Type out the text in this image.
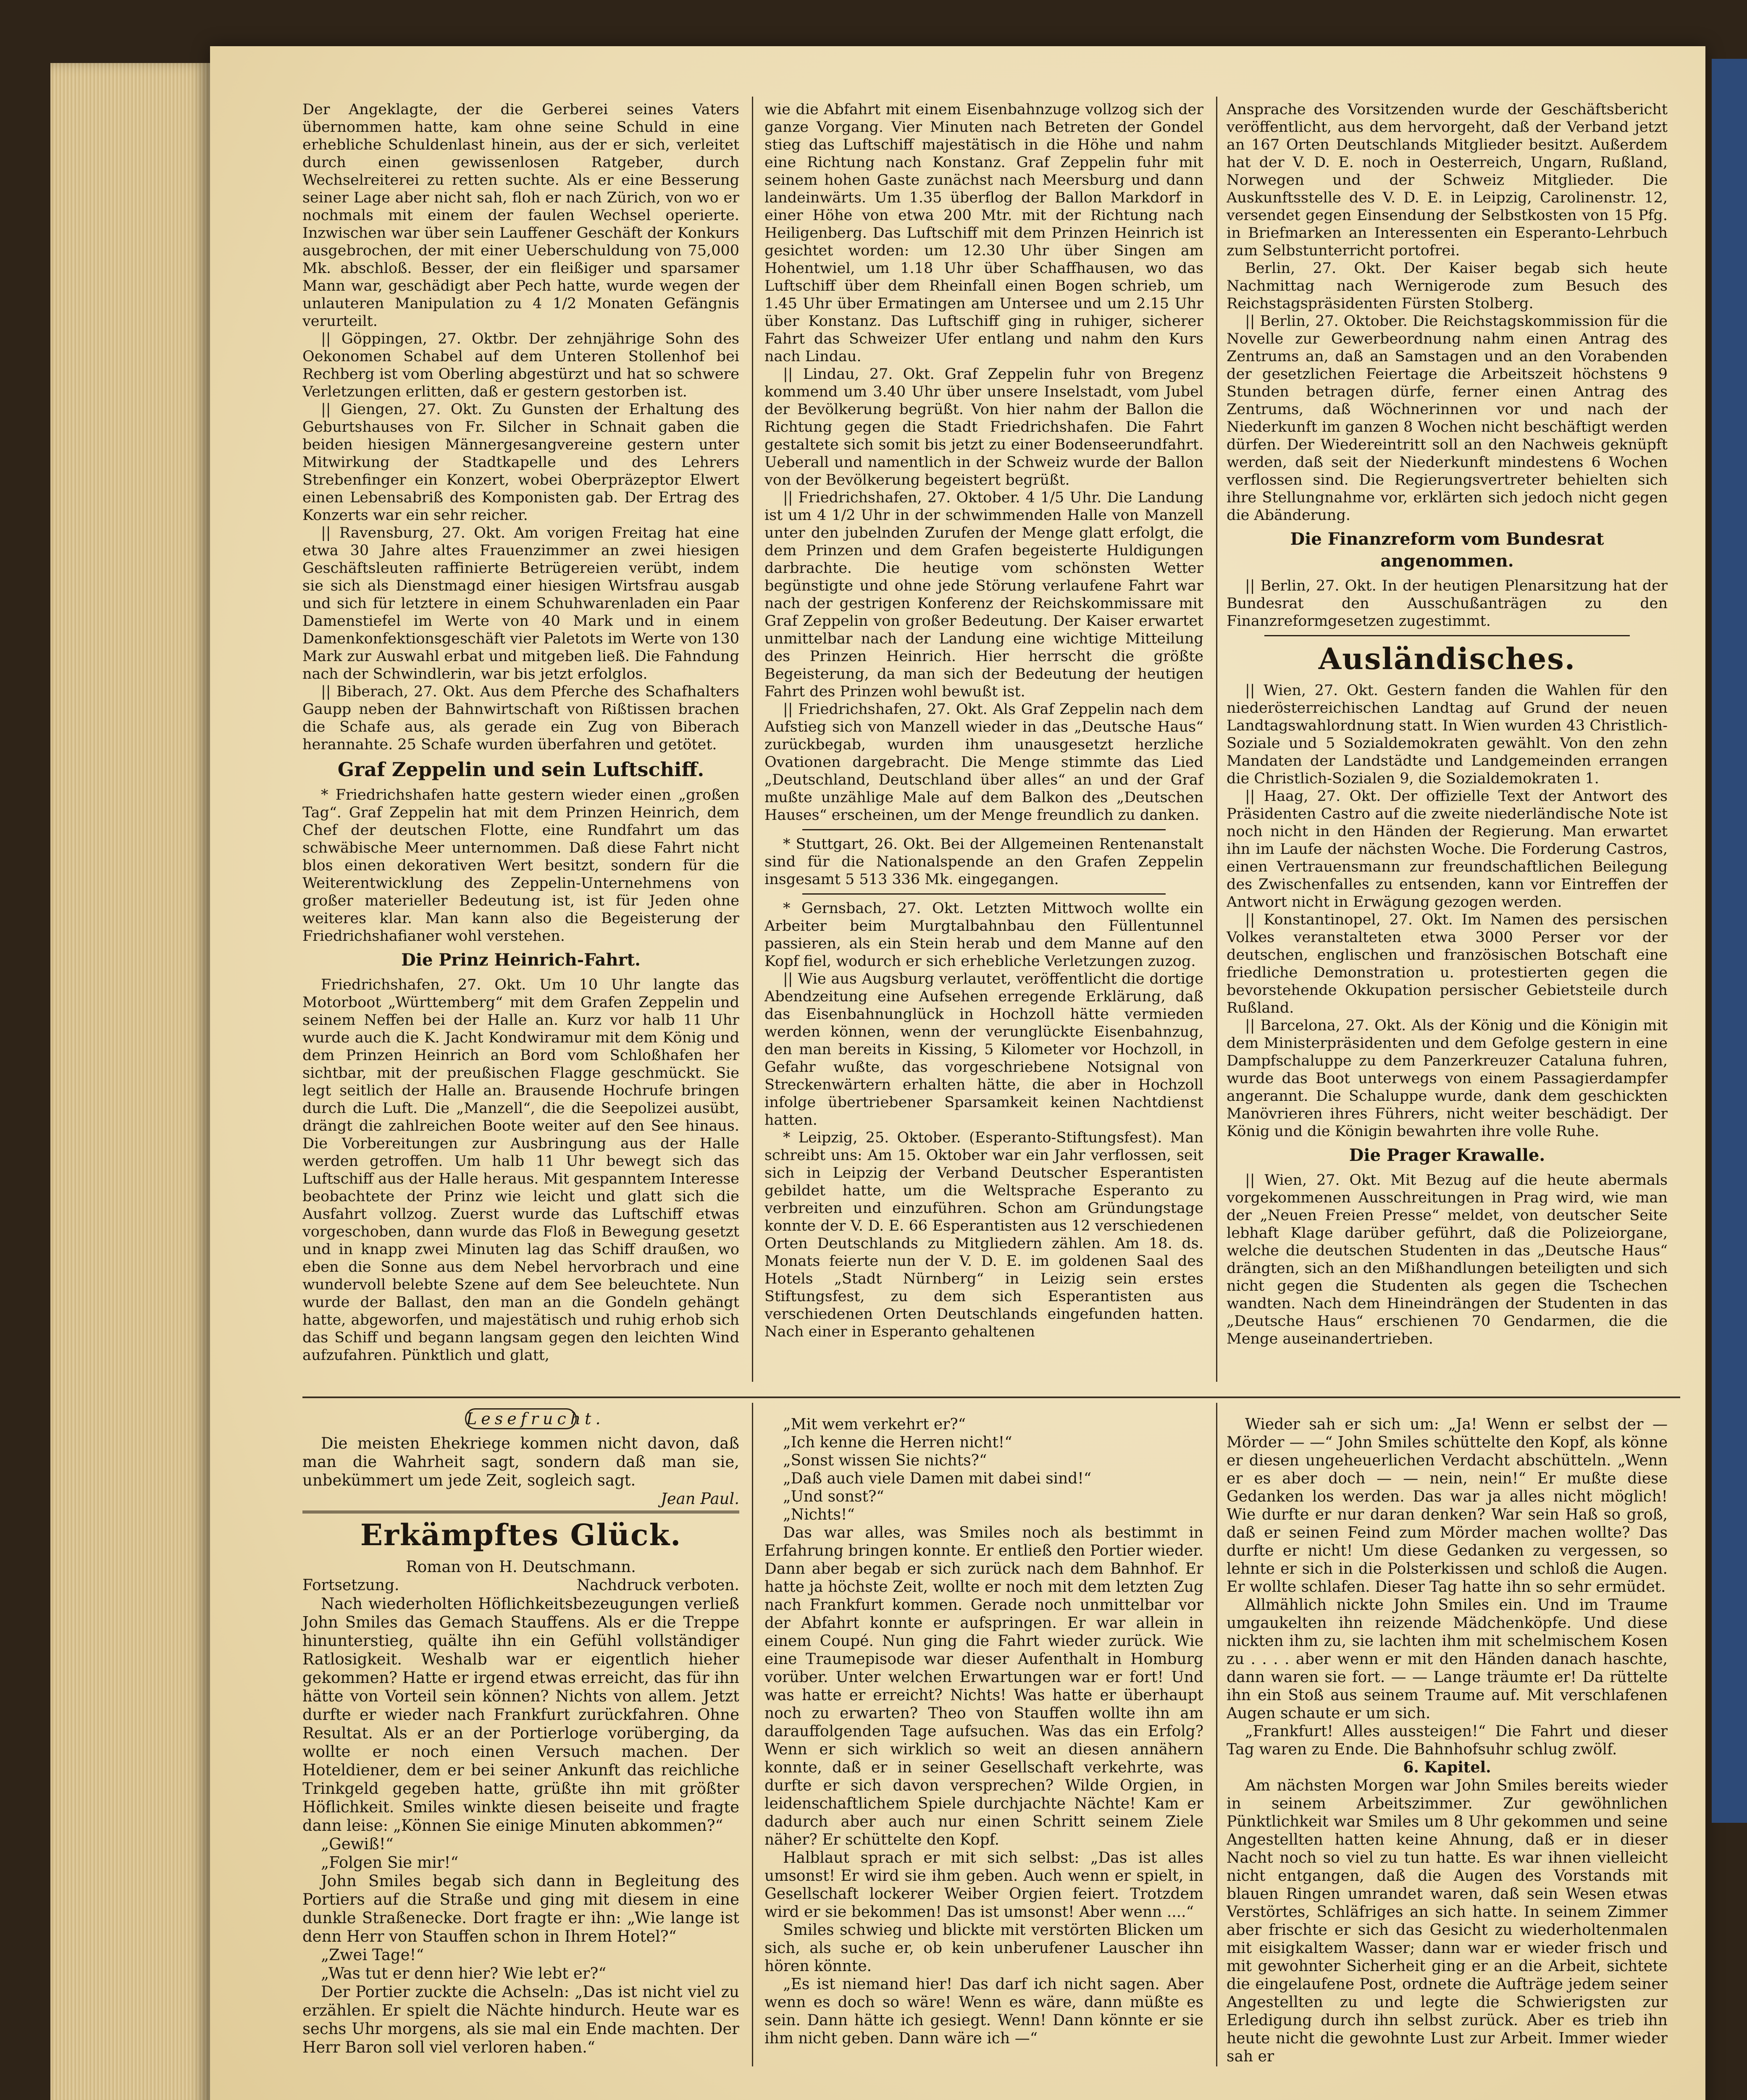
Der Angeklagte, der die Gerberei seines Vaters übernommen hatte, kam ohne seine Schuld in eine erhebliche Schuldenlast hinein, aus der er sich, verleitet durch einen gewissenlosen Ratgeber, durch Wechselreiterei zu retten suchte. Als er eine Besserung seiner Lage aber nicht sah, floh er nach Zürich, von wo er nochmals mit einem der faulen Wechsel operierte. Inzwischen war über sein Lauffener Geschäft der Konkurs ausgebrochen, der mit einer Ueberschuldung von 75,000 Mk. abschloß. Besser, der ein fleißiger und sparsamer Mann war, geschädigt aber Pech hatte, wurde wegen der unlauteren Manipulation zu 4 1/2 Monaten Gefängnis verurteilt.

|| Göppingen, 27. Oktbr. Der zehnjährige Sohn des Oekonomen Schabel auf dem Unteren Stollenhof bei Rechberg ist vom Oberling abgestürzt und hat so schwere Verletzungen erlitten, daß er gestern gestorben ist.

|| Giengen, 27. Okt. Zu Gunsten der Erhaltung des Geburtshauses von Fr. Silcher in Schnait gaben die beiden hiesigen Männergesangvereine gestern unter Mitwirkung der Stadtkapelle und des Lehrers Strebenfinger ein Konzert, wobei Oberpräzeptor Elwert einen Lebensabriß des Komponisten gab. Der Ertrag des Konzerts war ein sehr reicher.

|| Ravensburg, 27. Okt. Am vorigen Freitag hat eine etwa 30 Jahre altes Frauenzimmer an zwei hiesigen Geschäftsleuten raffinierte Betrügereien verübt, indem sie sich als Dienstmagd einer hiesigen Wirtsfrau ausgab und sich für letztere in einem Schuhwarenladen ein Paar Damenstiefel im Werte von 40 Mark und in einem Damenkonfektionsgeschäft vier Paletots im Werte von 130 Mark zur Auswahl erbat und mitgeben ließ. Die Fahndung nach der Schwindlerin, war bis jetzt erfolglos.

|| Biberach, 27. Okt. Aus dem Pferche des Schafhalters Gaupp neben der Bahnwirtschaft von Rißtissen brachen die Schafe aus, als gerade ein Zug von Biberach herannahte. 25 Schafe wurden überfahren und getötet.

Graf Zeppelin und sein Luftschiff.

* Friedrichshafen hatte gestern wieder einen „großen Tag“. Graf Zeppelin hat mit dem Prinzen Heinrich, dem Chef der deutschen Flotte, eine Rundfahrt um das schwäbische Meer unternommen. Daß diese Fahrt nicht blos einen dekorativen Wert besitzt, sondern für die Weiterentwicklung des Zeppelin-Unternehmens von großer materieller Bedeutung ist, ist für Jeden ohne weiteres klar. Man kann also die Begeisterung der Friedrichshafianer wohl verstehen.

Die Prinz Heinrich-Fahrt.

Friedrichshafen, 27. Okt. Um 10 Uhr langte das Motorboot „Württemberg“ mit dem Grafen Zeppelin und seinem Neffen bei der Halle an. Kurz vor halb 11 Uhr wurde auch die K. Jacht Kondwiramur mit dem König und dem Prinzen Heinrich an Bord vom Schloßhafen her sichtbar, mit der preußischen Flagge geschmückt. Sie legt seitlich der Halle an. Brausende Hochrufe bringen durch die Luft. Die „Manzell“, die die Seepolizei ausübt, drängt die zahlreichen Boote weiter auf den See hinaus. Die Vorbereitungen zur Ausbringung aus der Halle werden getroffen. Um halb 11 Uhr bewegt sich das Luftschiff aus der Halle heraus. Mit gespanntem Interesse beobachtete der Prinz wie leicht und glatt sich die Ausfahrt vollzog. Zuerst wurde das Luftschiff etwas vorgeschoben, dann wurde das Floß in Bewegung gesetzt und in knapp zwei Minuten lag das Schiff draußen, wo eben die Sonne aus dem Nebel hervorbrach und eine wundervoll belebte Szene auf dem See beleuchtete. Nun wurde der Ballast, den man an die Gondeln gehängt hatte, abgeworfen, und majestätisch und ruhig erhob sich das Schiff und begann langsam gegen den leichten Wind aufzufahren. Pünktlich und glatt,

wie die Abfahrt mit einem Eisenbahnzuge vollzog sich der ganze Vorgang. Vier Minuten nach Betreten der Gondel stieg das Luftschiff majestätisch in die Höhe und nahm eine Richtung nach Konstanz. Graf Zeppelin fuhr mit seinem hohen Gaste zunächst nach Meersburg und dann landeinwärts. Um 1.35 überflog der Ballon Markdorf in einer Höhe von etwa 200 Mtr. mit der Richtung nach Heiligenberg. Das Luftschiff mit dem Prinzen Heinrich ist gesichtet worden: um 12.30 Uhr über Singen am Hohentwiel, um 1.18 Uhr über Schaffhausen, wo das Luftschiff über dem Rheinfall einen Bogen schrieb, um 1.45 Uhr über Ermatingen am Untersee und um 2.15 Uhr über Konstanz. Das Luftschiff ging in ruhiger, sicherer Fahrt das Schweizer Ufer entlang und nahm den Kurs nach Lindau.

|| Lindau, 27. Okt. Graf Zeppelin fuhr von Bregenz kommend um 3.40 Uhr über unsere Inselstadt, vom Jubel der Bevölkerung begrüßt. Von hier nahm der Ballon die Richtung gegen die Stadt Friedrichshafen. Die Fahrt gestaltete sich somit bis jetzt zu einer Bodenseerundfahrt. Ueberall und namentlich in der Schweiz wurde der Ballon von der Bevölkerung begeistert begrüßt.

|| Friedrichshafen, 27. Oktober. 4 1/5 Uhr. Die Landung ist um 4 1/2 Uhr in der schwimmenden Halle von Manzell unter den jubelnden Zurufen der Menge glatt erfolgt, die dem Prinzen und dem Grafen begeisterte Huldigungen darbrachte. Die heutige vom schönsten Wetter begünstigte und ohne jede Störung verlaufene Fahrt war nach der gestrigen Konferenz der Reichskommissare mit Graf Zeppelin von großer Bedeutung. Der Kaiser erwartet unmittelbar nach der Landung eine wichtige Mitteilung des Prinzen Heinrich. Hier herrscht die größte Begeisterung, da man sich der Bedeutung der heutigen Fahrt des Prinzen wohl bewußt ist.

|| Friedrichshafen, 27. Okt. Als Graf Zeppelin nach dem Aufstieg sich von Manzell wieder in das „Deutsche Haus“ zurückbegab, wurden ihm unausgesetzt herzliche Ovationen dargebracht. Die Menge stimmte das Lied „Deutschland, Deutschland über alles“ an und der Graf mußte unzählige Male auf dem Balkon des „Deutschen Hauses“ erscheinen, um der Menge freundlich zu danken.

* Stuttgart, 26. Okt. Bei der Allgemeinen Rentenanstalt sind für die Nationalspende an den Grafen Zeppelin insgesamt 5 513 336 Mk. eingegangen.

* Gernsbach, 27. Okt. Letzten Mittwoch wollte ein Arbeiter beim Murgtalbahnbau den Füllentunnel passieren, als ein Stein herab und dem Manne auf den Kopf fiel, wodurch er sich erhebliche Verletzungen zuzog.

|| Wie aus Augsburg verlautet, veröffentlicht die dortige Abendzeitung eine Aufsehen erregende Erklärung, daß das Eisenbahnunglück in Hochzoll hätte vermieden werden können, wenn der verunglückte Eisenbahnzug, den man bereits in Kissing, 5 Kilometer vor Hochzoll, in Gefahr wußte, das vorgeschriebene Notsignal von Streckenwärtern erhalten hätte, die aber in Hochzoll infolge übertriebener Sparsamkeit keinen Nachtdienst hatten.

* Leipzig, 25. Oktober. (Esperanto-Stiftungsfest). Man schreibt uns: Am 15. Oktober war ein Jahr verflossen, seit sich in Leipzig der Verband Deutscher Esperantisten gebildet hatte, um die Weltsprache Esperanto zu verbreiten und einzuführen. Schon am Gründungstage konnte der V. D. E. 66 Esperantisten aus 12 verschiedenen Orten Deutschlands zu Mitgliedern zählen. Am 18. ds. Monats feierte nun der V. D. E. im goldenen Saal des Hotels „Stadt Nürnberg“ in Leizig sein erstes Stiftungsfest, zu dem sich Esperantisten aus verschiedenen Orten Deutschlands eingefunden hatten. Nach einer in Esperanto gehaltenen

Ansprache des Vorsitzenden wurde der Geschäftsbericht veröffentlicht, aus dem hervorgeht, daß der Verband jetzt an 167 Orten Deutschlands Mitglieder besitzt. Außerdem hat der V. D. E. noch in Oesterreich, Ungarn, Rußland, Norwegen und der Schweiz Mitglieder. Die Auskunftsstelle des V. D. E. in Leipzig, Carolinenstr. 12, versendet gegen Einsendung der Selbstkosten von 15 Pfg. in Briefmarken an Interessenten ein Esperanto-Lehrbuch zum Selbstunterricht portofrei.

Berlin, 27. Okt. Der Kaiser begab sich heute Nachmittag nach Wernigerode zum Besuch des Reichstagspräsidenten Fürsten Stolberg.

|| Berlin, 27. Oktober. Die Reichstagskommission für die Novelle zur Gewerbeordnung nahm einen Antrag des Zentrums an, daß an Samstagen und an den Vorabenden der gesetzlichen Feiertage die Arbeitszeit höchstens 9 Stunden betragen dürfe, ferner einen Antrag des Zentrums, daß Wöchnerinnen vor und nach der Niederkunft im ganzen 8 Wochen nicht beschäftigt werden dürfen. Der Wiedereintritt soll an den Nachweis geknüpft werden, daß seit der Niederkunft mindestens 6 Wochen verflossen sind. Die Regierungsvertreter behielten sich ihre Stellungnahme vor, erklärten sich jedoch nicht gegen die Abänderung.

Die Finanzreform vom Bundesrat angenommen.

|| Berlin, 27. Okt. In der heutigen Plenarsitzung hat der Bundesrat den Ausschußanträgen zu den Finanzreformgesetzen zugestimmt.

Ausländisches.

|| Wien, 27. Okt. Gestern fanden die Wahlen für den niederösterreichischen Landtag auf Grund der neuen Landtagswahlordnung statt. In Wien wurden 43 Christlich-Soziale und 5 Sozialdemokraten gewählt. Von den zehn Mandaten der Landstädte und Landgemeinden errangen die Christlich-Sozialen 9, die Sozialdemokraten 1.

|| Haag, 27. Okt. Der offizielle Text der Antwort des Präsidenten Castro auf die zweite niederländische Note ist noch nicht in den Händen der Regierung. Man erwartet ihn im Laufe der nächsten Woche. Die Forderung Castros, einen Vertrauensmann zur freundschaftlichen Beilegung des Zwischenfalles zu entsenden, kann vor Eintreffen der Antwort nicht in Erwägung gezogen werden.

|| Konstantinopel, 27. Okt. Im Namen des persischen Volkes veranstalteten etwa 3000 Perser vor der deutschen, englischen und französischen Botschaft eine friedliche Demonstration u. protestierten gegen die bevorstehende Okkupation persischer Gebietsteile durch Rußland.

|| Barcelona, 27. Okt. Als der König und die Königin mit dem Ministerpräsidenten und dem Gefolge gestern in eine Dampfschaluppe zu dem Panzerkreuzer Cataluna fuhren, wurde das Boot unterwegs von einem Passagierdampfer angerannt. Die Schaluppe wurde, dank dem geschickten Manövrieren ihres Führers, nicht weiter beschädigt. Der König und die Königin bewahrten ihre volle Ruhe.

Die Prager Krawalle.

|| Wien, 27. Okt. Mit Bezug auf die heute abermals vorgekommenen Ausschreitungen in Prag wird, wie man der „Neuen Freien Presse“ meldet, von deutscher Seite lebhaft Klage darüber geführt, daß die Polizeiorgane, welche die deutschen Studenten in das „Deutsche Haus“ drängten, sich an den Mißhandlungen beteiligten und sich nicht gegen die Studenten als gegen die Tschechen wandten. Nach dem Hineindrängen der Studenten in das „Deutsche Haus“ erschienen 70 Gendarmen, die die Menge auseinandertrieben.

Lesefrucht.

Die meisten Ehekriege kommen nicht davon, daß man die Wahrheit sagt, sondern daß man sie, unbekümmert um jede Zeit, sogleich sagt.

Jean Paul.

Erkämpftes Glück.

Roman von H. Deutschmann.

Fortsetzung.	Nachdruck verboten.

Nach wiederholten Höflichkeitsbezeugungen verließ John Smiles das Gemach Stauffens. Als er die Treppe hinunterstieg, quälte ihn ein Gefühl vollständiger Ratlosigkeit. Weshalb war er eigentlich hieher gekommen? Hatte er irgend etwas erreicht, das für ihn hätte von Vorteil sein können? Nichts von allem. Jetzt durfte er wieder nach Frankfurt zurückfahren. Ohne Resultat. Als er an der Portierloge vorüberging, da wollte er noch einen Versuch machen. Der Hoteldiener, dem er bei seiner Ankunft das reichliche Trinkgeld gegeben hatte, grüßte ihn mit größter Höflichkeit. Smiles winkte diesen beiseite und fragte dann leise: „Können Sie einige Minuten abkommen?“

„Gewiß!“

„Folgen Sie mir!“

John Smiles begab sich dann in Begleitung des Portiers auf die Straße und ging mit diesem in eine dunkle Straßenecke. Dort fragte er ihn: „Wie lange ist denn Herr von Stauffen schon in Ihrem Hotel?“

„Zwei Tage!“

„Was tut er denn hier? Wie lebt er?“

Der Portier zuckte die Achseln: „Das ist nicht viel zu erzählen. Er spielt die Nächte hindurch. Heute war es sechs Uhr morgens, als sie mal ein Ende machten. Der Herr Baron soll viel verloren haben.“

„Mit wem verkehrt er?“

„Ich kenne die Herren nicht!“

„Sonst wissen Sie nichts?“

„Daß auch viele Damen mit dabei sind!“

„Und sonst?“

„Nichts!“

Das war alles, was Smiles noch als bestimmt in Erfahrung bringen konnte. Er entließ den Portier wieder. Dann aber begab er sich zurück nach dem Bahnhof. Er hatte ja höchste Zeit, wollte er noch mit dem letzten Zug nach Frankfurt kommen. Gerade noch unmittelbar vor der Abfahrt konnte er aufspringen. Er war allein in einem Coupé. Nun ging die Fahrt wieder zurück. Wie eine Traumepisode war dieser Aufenthalt in Homburg vorüber. Unter welchen Erwartungen war er fort! Und was hatte er erreicht? Nichts! Was hatte er überhaupt noch zu erwarten? Theo von Stauffen wollte ihn am darauffolgenden Tage aufsuchen. Was das ein Erfolg? Wenn er sich wirklich so weit an diesen annähern konnte, daß er in seiner Gesellschaft verkehrte, was durfte er sich davon versprechen? Wilde Orgien, in leidenschaftlichem Spiele durchjachte Nächte! Kam er dadurch aber auch nur einen Schritt seinem Ziele näher? Er schüttelte den Kopf.

Halblaut sprach er mit sich selbst: „Das ist alles umsonst! Er wird sie ihm geben. Auch wenn er spielt, in Gesellschaft lockerer Weiber Orgien feiert. Trotzdem wird er sie bekommen! Das ist umsonst! Aber wenn ....“

Smiles schwieg und blickte mit verstörten Blicken um sich, als suche er, ob kein unberufener Lauscher ihn hören könnte.

„Es ist niemand hier! Das darf ich nicht sagen. Aber wenn es doch so wäre! Wenn es wäre, dann müßte es sein. Dann hätte ich gesiegt. Wenn! Dann könnte er sie ihm nicht geben. Dann wäre ich —“

Wieder sah er sich um: „Ja! Wenn er selbst der — Mörder — —“ John Smiles schüttelte den Kopf, als könne er diesen ungeheuerlichen Verdacht abschütteln. „Wenn er es aber doch — — nein, nein!“ Er mußte diese Gedanken los werden. Das war ja alles nicht möglich! Wie durfte er nur daran denken? War sein Haß so groß, daß er seinen Feind zum Mörder machen wollte? Das durfte er nicht! Um diese Gedanken zu vergessen, so lehnte er sich in die Polsterkissen und schloß die Augen. Er wollte schlafen. Dieser Tag hatte ihn so sehr ermüdet.

Allmählich nickte John Smiles ein. Und im Traume umgaukelten ihn reizende Mädchenköpfe. Und diese nickten ihm zu, sie lachten ihm mit schelmischem Kosen zu . . . . aber wenn er mit den Händen danach haschte, dann waren sie fort. — — Lange träumte er! Da rüttelte ihn ein Stoß aus seinem Traume auf. Mit verschlafenen Augen schaute er um sich.

„Frankfurt! Alles aussteigen!“ Die Fahrt und dieser Tag waren zu Ende. Die Bahnhofsuhr schlug zwölf.

6. Kapitel.

Am nächsten Morgen war John Smiles bereits wieder in seinem Arbeitszimmer. Zur gewöhnlichen Pünktlichkeit war Smiles um 8 Uhr gekommen und seine Angestellten hatten keine Ahnung, daß er in dieser Nacht noch so viel zu tun hatte. Es war ihnen vielleicht nicht entgangen, daß die Augen des Vorstands mit blauen Ringen umrandet waren, daß sein Wesen etwas Verstörtes, Schläfriges an sich hatte. In seinem Zimmer aber frischte er sich das Gesicht zu wiederholtenmalen mit eisigkaltem Wasser; dann war er wieder frisch und mit gewohnter Sicherheit ging er an die Arbeit, sichtete die eingelaufene Post, ordnete die Aufträge jedem seiner Angestellten zu und legte die Schwierigsten zur Erledigung durch ihn selbst zurück. Aber es trieb ihn heute nicht die gewohnte Lust zur Arbeit. Immer wieder sah er
